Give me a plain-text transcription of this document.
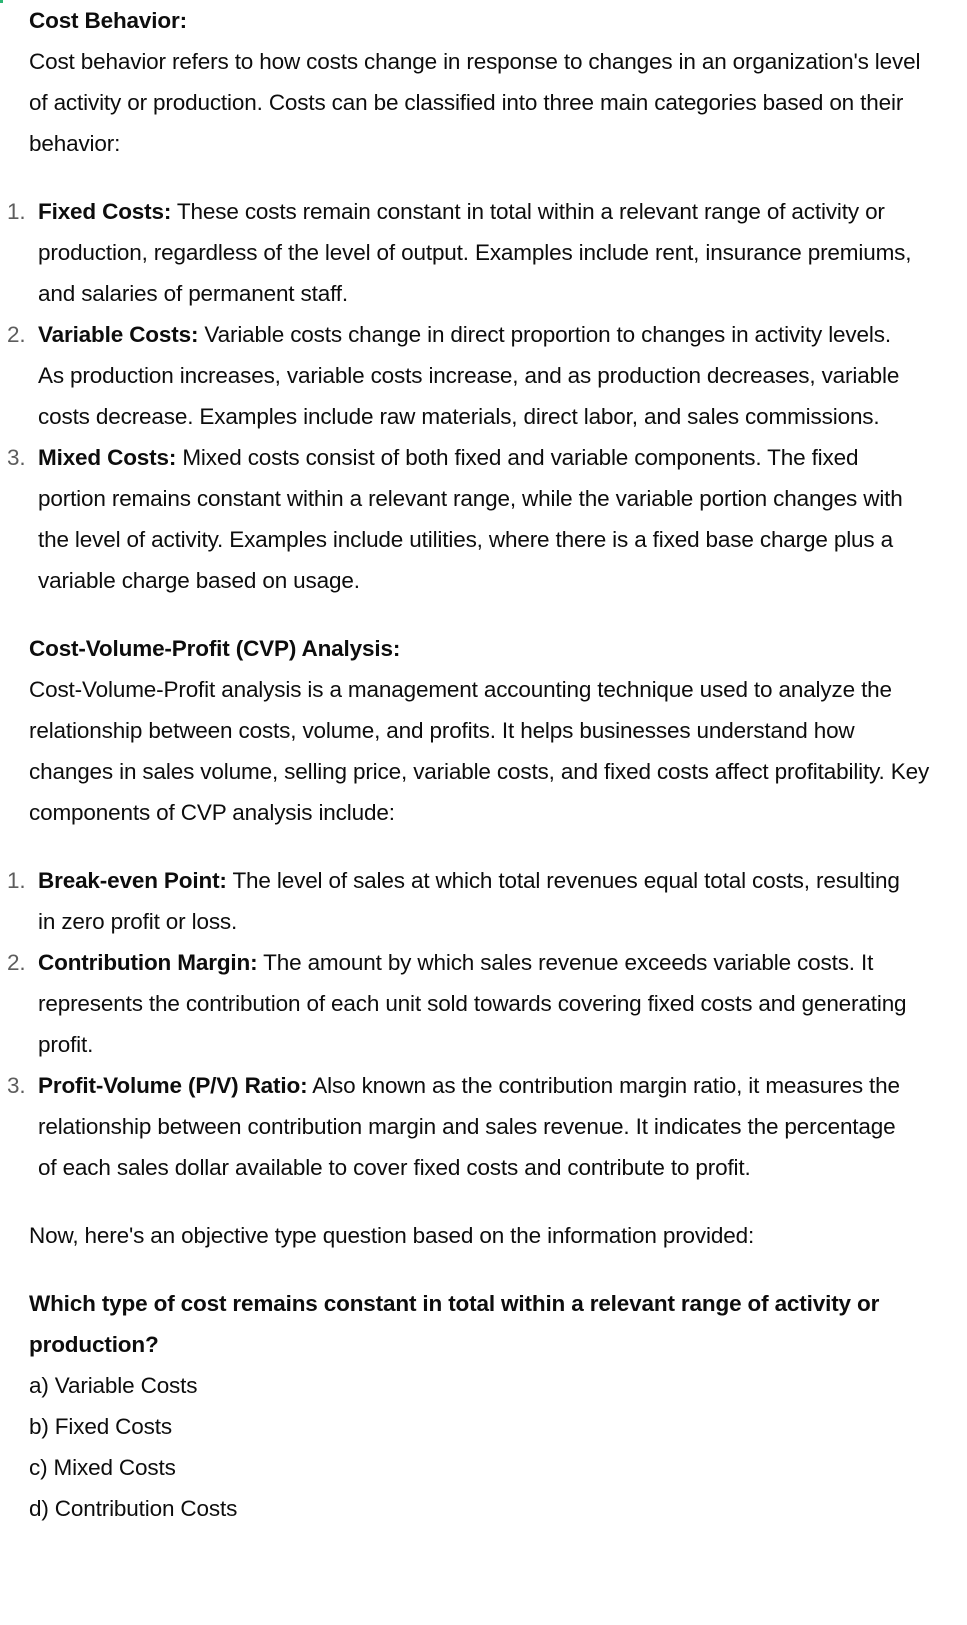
Cost Behavior:

Cost behavior refers to how costs change in response to changes in an organization's level of activity or production. Costs can be classified into three main categories based on their behavior:

1. Fixed Costs: These costs remain constant in total within a relevant range of activity or production, regardless of the level of output. Examples include rent, insurance premiums, and salaries of permanent staff.
2. Variable Costs: Variable costs change in direct proportion to changes in activity levels. As production increases, variable costs increase, and as production decreases, variable costs decrease. Examples include raw materials, direct labor, and sales commissions.
3. Mixed Costs: Mixed costs consist of both fixed and variable components. The fixed portion remains constant within a relevant range, while the variable portion changes with the level of activity. Examples include utilities, where there is a fixed base charge plus a variable charge based on usage.

Cost-Volume-Profit (CVP) Analysis:

Cost-Volume-Profit analysis is a management accounting technique used to analyze the relationship between costs, volume, and profits. It helps businesses understand how changes in sales volume, selling price, variable costs, and fixed costs affect profitability. Key components of CVP analysis include:

1. Break-even Point: The level of sales at which total revenues equal total costs, resulting in zero profit or loss.
2. Contribution Margin: The amount by which sales revenue exceeds variable costs. It represents the contribution of each unit sold towards covering fixed costs and generating profit.
3. Profit-Volume (P/V) Ratio: Also known as the contribution margin ratio, it measures the relationship between contribution margin and sales revenue. It indicates the percentage of each sales dollar available to cover fixed costs and contribute to profit.

Now, here's an objective type question based on the information provided:

Which type of cost remains constant in total within a relevant range of activity or production?

a) Variable Costs

b) Fixed Costs

c) Mixed Costs

d) Contribution Costs
